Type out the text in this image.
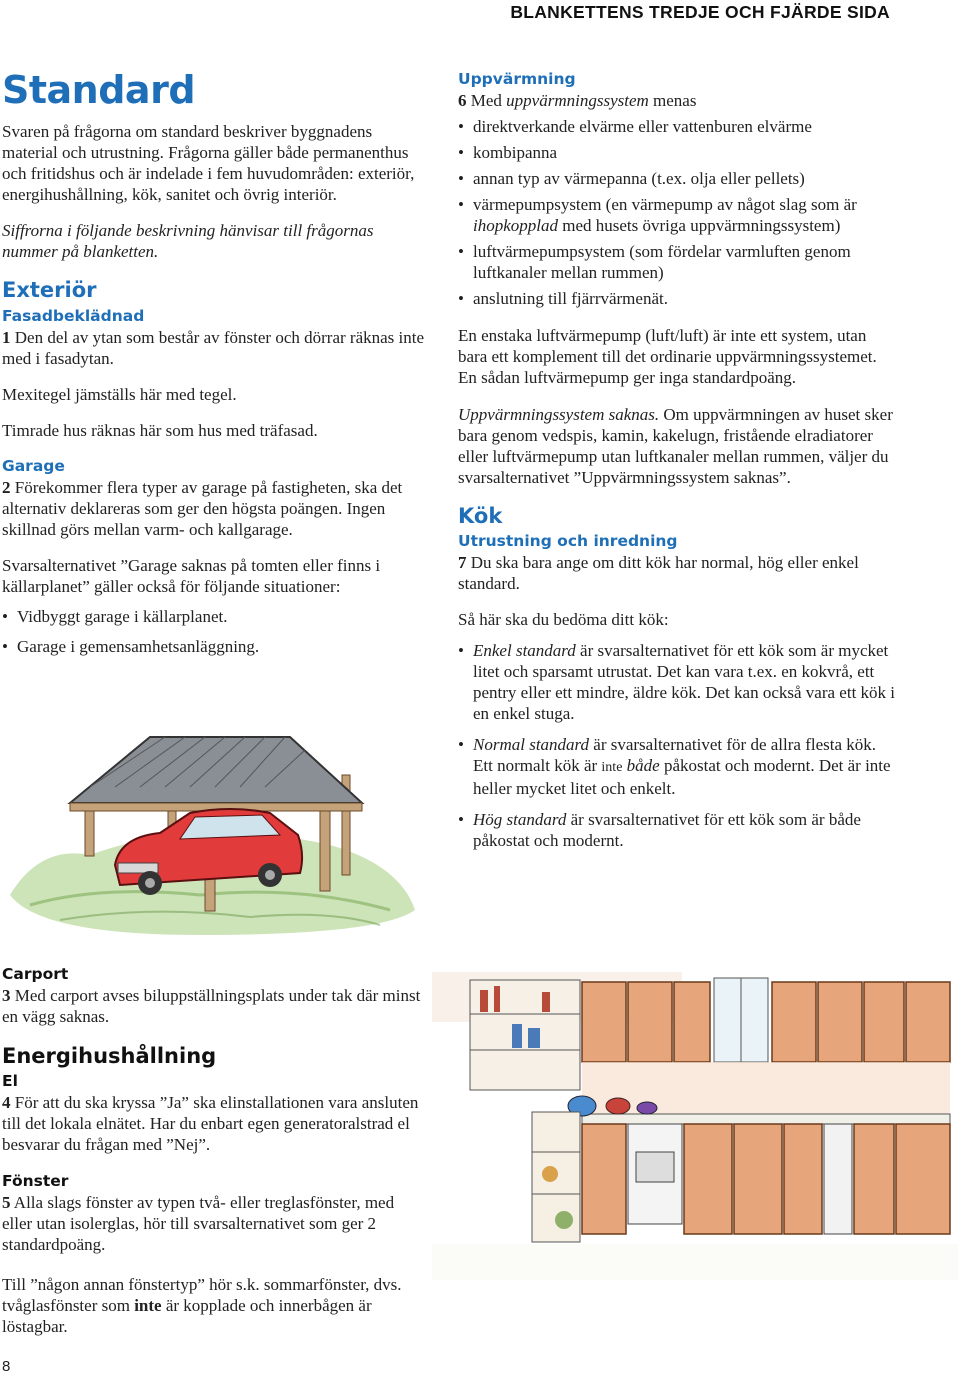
BLANKETTENS TREDJE OCH FJÄRDE SIDA
Standard

Svaren på frågorna om standard beskriver byggnadens material och utrustning. Frågorna gäller både permanenthus och fritidshus och är indelade i fem huvudområden: exteriör, energihushållning, kök, sanitet och övrig interiör.

Siffrorna i följande beskrivning hänvisar till frågornas nummer på blanketten.

Exteriör
Fasadbeklädnad

1 Den del av ytan som består av fönster och dörrar räknas inte med i fasadytan.

Mexitegel jämställs här med tegel.

Timrade hus räknas här som hus med träfasad.

Garage

2 Förekommer flera typer av garage på fastigheten, ska det alternativ deklareras som ger den högsta poängen. Ingen skillnad görs mellan varm- och kallgarage.

Svarsalternativet ”Garage saknas på tomten eller finns i källarplanet” gäller också för följande situationer:

• Vidbyggt garage i källarplanet.
• Garage i gemensamhetsanläggning.
Carport

3 Med carport avses biluppställningsplats under tak där minst en vägg saknas.

Energihushållning
El

4 För att du ska kryssa ”Ja” ska elinstallationen vara ansluten till det lokala elnätet. Har du enbart egen generatoralstrad el besvarar du frågan med ”Nej”.

Fönster

5 Alla slags fönster av typen två- eller treglasfönster, med eller utan isolerglas, hör till svarsalternativet som ger 2 standardpoäng.

Till ”någon annan fönstertyp” hör s.k. sommarfönster, dvs. tvåglasfönster som inte är kopplade och innerbågen är löstagbar.

Uppvärmning

6 Med uppvärmningssystem menas

• direktverkande elvärme eller vattenburen elvärme
• kombipanna
• annan typ av värmepanna (t.ex. olja eller pellets)
• värmepumpsystem (en värmepump av något slag som är ihopkopplad med husets övriga uppvärmningssystem)
• luftvärmepumpsystem (som fördelar varmluften genom luftkanaler mellan rummen)
• anslutning till fjärrvärmenät.

En enstaka luftvärmepump (luft/luft) är inte ett system, utan bara ett komplement till det ordinarie uppvärmningssystemet. En sådan luftvärmepump ger inga standardpoäng.

Uppvärmningssystem saknas. Om uppvärmningen av huset sker bara genom vedspis, kamin, kakelugn, fristående elradiatorer eller luftvärmepump utan luftkanaler mellan rummen, väljer du svarsalternativet ”Uppvärmningssystem saknas”.

Kök
Utrustning och inredning

7 Du ska bara ange om ditt kök har normal, hög eller enkel standard.

Så här ska du bedöma ditt kök:

• Enkel standard är svarsalternativet för ett kök som är mycket litet och sparsamt utrustat. Det kan vara t.ex. en kokvrå, ett pentry eller ett mindre, äldre kök. Det kan också vara ett kök i en enkel stuga.
• Normal standard är svarsalternativet för de allra flesta kök. Ett normalt kök är inte både påkostat och modernt. Det är inte heller mycket litet och enkelt.
• Hög standard är svarsalternativet för ett kök som är både påkostat och modernt.
8
